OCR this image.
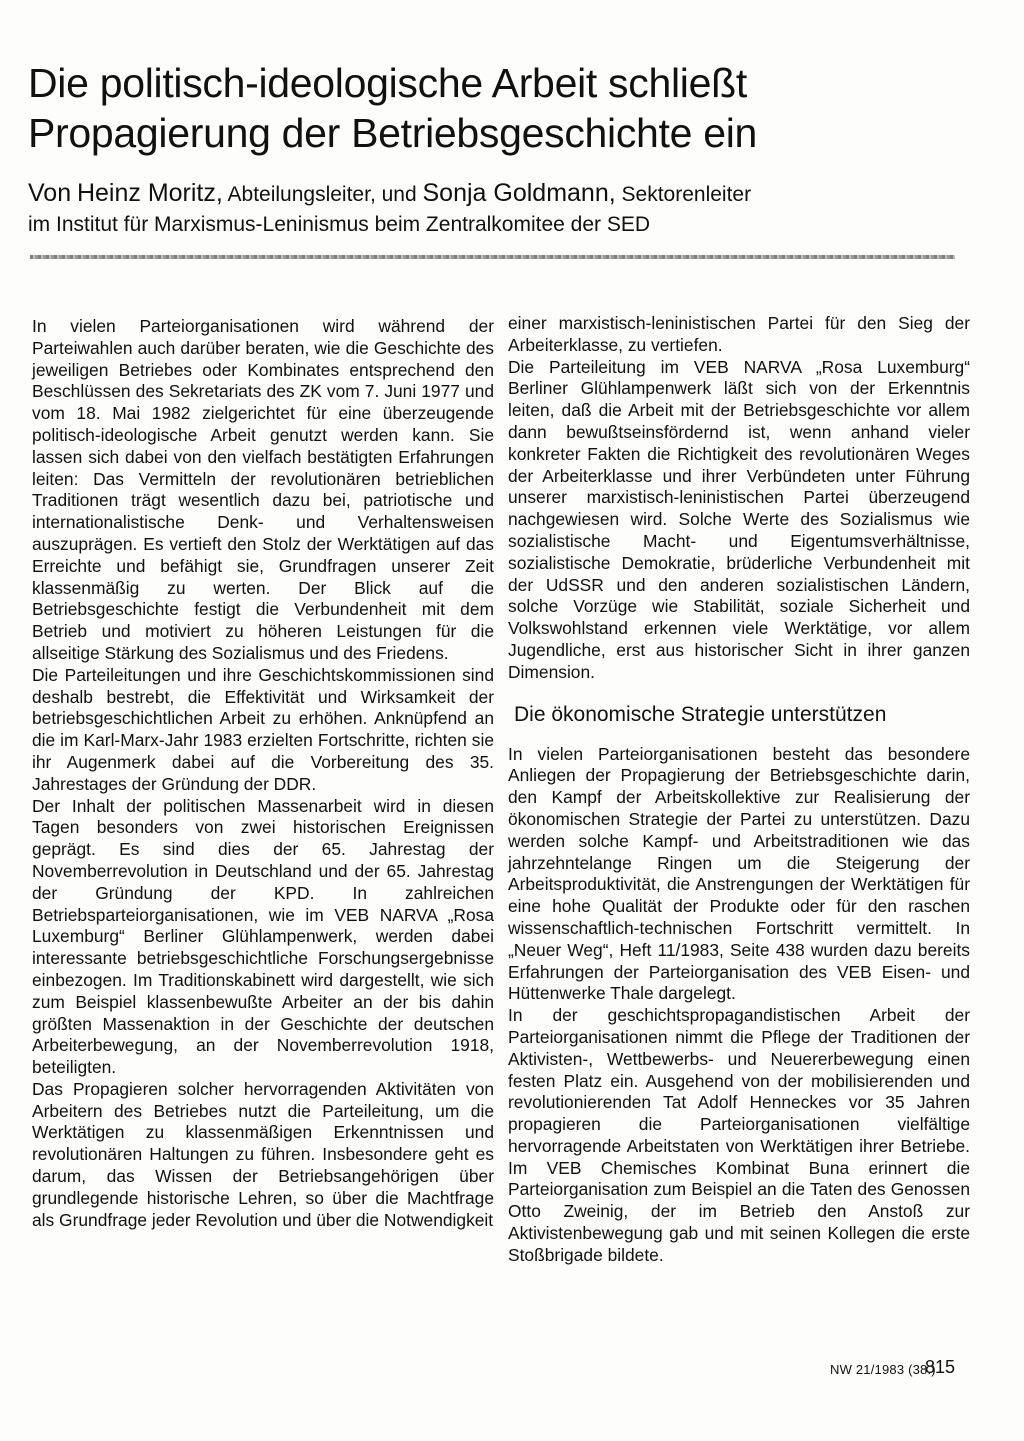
Die politisch-ideologische Arbeit schließt
Propagierung der Betriebsgeschichte ein
Von Heinz Moritz, Abteilungsleiter, und Sonja Goldmann, Sektorenleiter
im Institut für Marxismus-Leninismus beim Zentralkomitee der SED

In vielen Parteiorganisationen wird während der Parteiwahlen auch darüber beraten, wie die Geschichte des jeweiligen Betriebes oder Kombinates entsprechend den Beschlüssen des Sekretariats des ZK vom 7. Juni 1977 und vom 18. Mai 1982 zielgerichtet für eine überzeugende politisch-ideologische Arbeit genutzt werden kann. Sie lassen sich dabei von den vielfach bestätigten Erfahrungen leiten: Das Vermitteln der revolutionären betrieblichen Traditionen trägt wesentlich dazu bei, patriotische und internationalistische Denk- und Verhaltensweisen auszuprägen. Es vertieft den Stolz der Werktätigen auf das Erreichte und befähigt sie, Grundfragen unserer Zeit klassenmäßig zu werten. Der Blick auf die Betriebsgeschichte festigt die Verbundenheit mit dem Betrieb und motiviert zu höheren Leistungen für die allseitige Stärkung des Sozialismus und des Friedens.

Die Parteileitungen und ihre Geschichtskommissionen sind deshalb bestrebt, die Effektivität und Wirksamkeit der betriebsgeschichtlichen Arbeit zu erhöhen. Anknüpfend an die im Karl-Marx-Jahr 1983 erzielten Fortschritte, richten sie ihr Augenmerk dabei auf die Vorbereitung des 35. Jahrestages der Gründung der DDR.

Der Inhalt der politischen Massenarbeit wird in diesen Tagen besonders von zwei historischen Ereignissen geprägt. Es sind dies der 65. Jahrestag der Novemberrevolution in Deutschland und der 65. Jahrestag der Gründung der KPD. In zahlreichen Betriebsparteiorganisationen, wie im VEB NARVA „Rosa Luxemburg“ Berliner Glühlampenwerk, werden dabei interessante betriebsgeschichtliche Forschungsergebnisse einbezogen. Im Traditionskabinett wird dargestellt, wie sich zum Beispiel klassenbewußte Arbeiter an der bis dahin größten Massenaktion in der Geschichte der deutschen Arbeiterbewegung, an der Novemberrevolution 1918, beteiligten.

Das Propagieren solcher hervorragenden Aktivitäten von Arbeitern des Betriebes nutzt die Parteileitung, um die Werktätigen zu klassenmäßigen Erkenntnissen und revolutionären Haltungen zu führen. Insbesondere geht es darum, das Wissen der Betriebsangehörigen über grundlegende historische Lehren, so über die Machtfrage als Grundfrage jeder Revolution und über die Notwendigkeit

einer marxistisch-leninistischen Partei für den Sieg der Arbeiterklasse, zu vertiefen.

Die Parteileitung im VEB NARVA „Rosa Luxemburg“ Berliner Glühlampenwerk läßt sich von der Erkenntnis leiten, daß die Arbeit mit der Betriebsgeschichte vor allem dann bewußtseinsfördernd ist, wenn anhand vieler konkreter Fakten die Richtigkeit des revolutionären Weges der Arbeiterklasse und ihrer Verbündeten unter Führung unserer marxistisch-leninistischen Partei überzeugend nachgewiesen wird. Solche Werte des Sozialismus wie sozialistische Macht- und Eigentumsverhältnisse, sozialistische Demokratie, brüderliche Verbundenheit mit der UdSSR und den anderen sozialistischen Ländern, solche Vorzüge wie Stabilität, soziale Sicherheit und Volkswohlstand erkennen viele Werktätige, vor allem Jugendliche, erst aus historischer Sicht in ihrer ganzen Dimension.

Die ökonomische Strategie unterstützen

In vielen Parteiorganisationen besteht das besondere Anliegen der Propagierung der Betriebsgeschichte darin, den Kampf der Arbeitskollektive zur Realisierung der ökonomischen Strategie der Partei zu unterstützen. Dazu werden solche Kampf- und Arbeitstraditionen wie das jahrzehntelange Ringen um die Steigerung der Arbeitsproduktivität, die Anstrengungen der Werktätigen für eine hohe Qualität der Produkte oder für den raschen wissenschaftlich-technischen Fortschritt vermittelt. In „Neuer Weg“, Heft 11/1983, Seite 438 wurden dazu bereits Erfahrungen der Parteiorganisation des VEB Eisen- und Hüttenwerke Thale dargelegt.

In der geschichtspropagandistischen Arbeit der Parteiorganisationen nimmt die Pflege der Traditionen der Aktivisten-, Wettbewerbs- und Neuererbewegung einen festen Platz ein. Ausgehend von der mobilisierenden und revolutionierenden Tat Adolf Henneckes vor 35 Jahren propagieren die Parteiorganisationen vielfältige hervorragende Arbeitstaten von Werktätigen ihrer Betriebe. Im VEB Chemisches Kombinat Buna erinnert die Parteiorganisation zum Beispiel an die Taten des Genossen Otto Zweinig, der im Betrieb den Anstoß zur Aktivistenbewegung gab und mit seinen Kollegen die erste Stoßbrigade bildete.

NW 21/1983 (38.)
815
